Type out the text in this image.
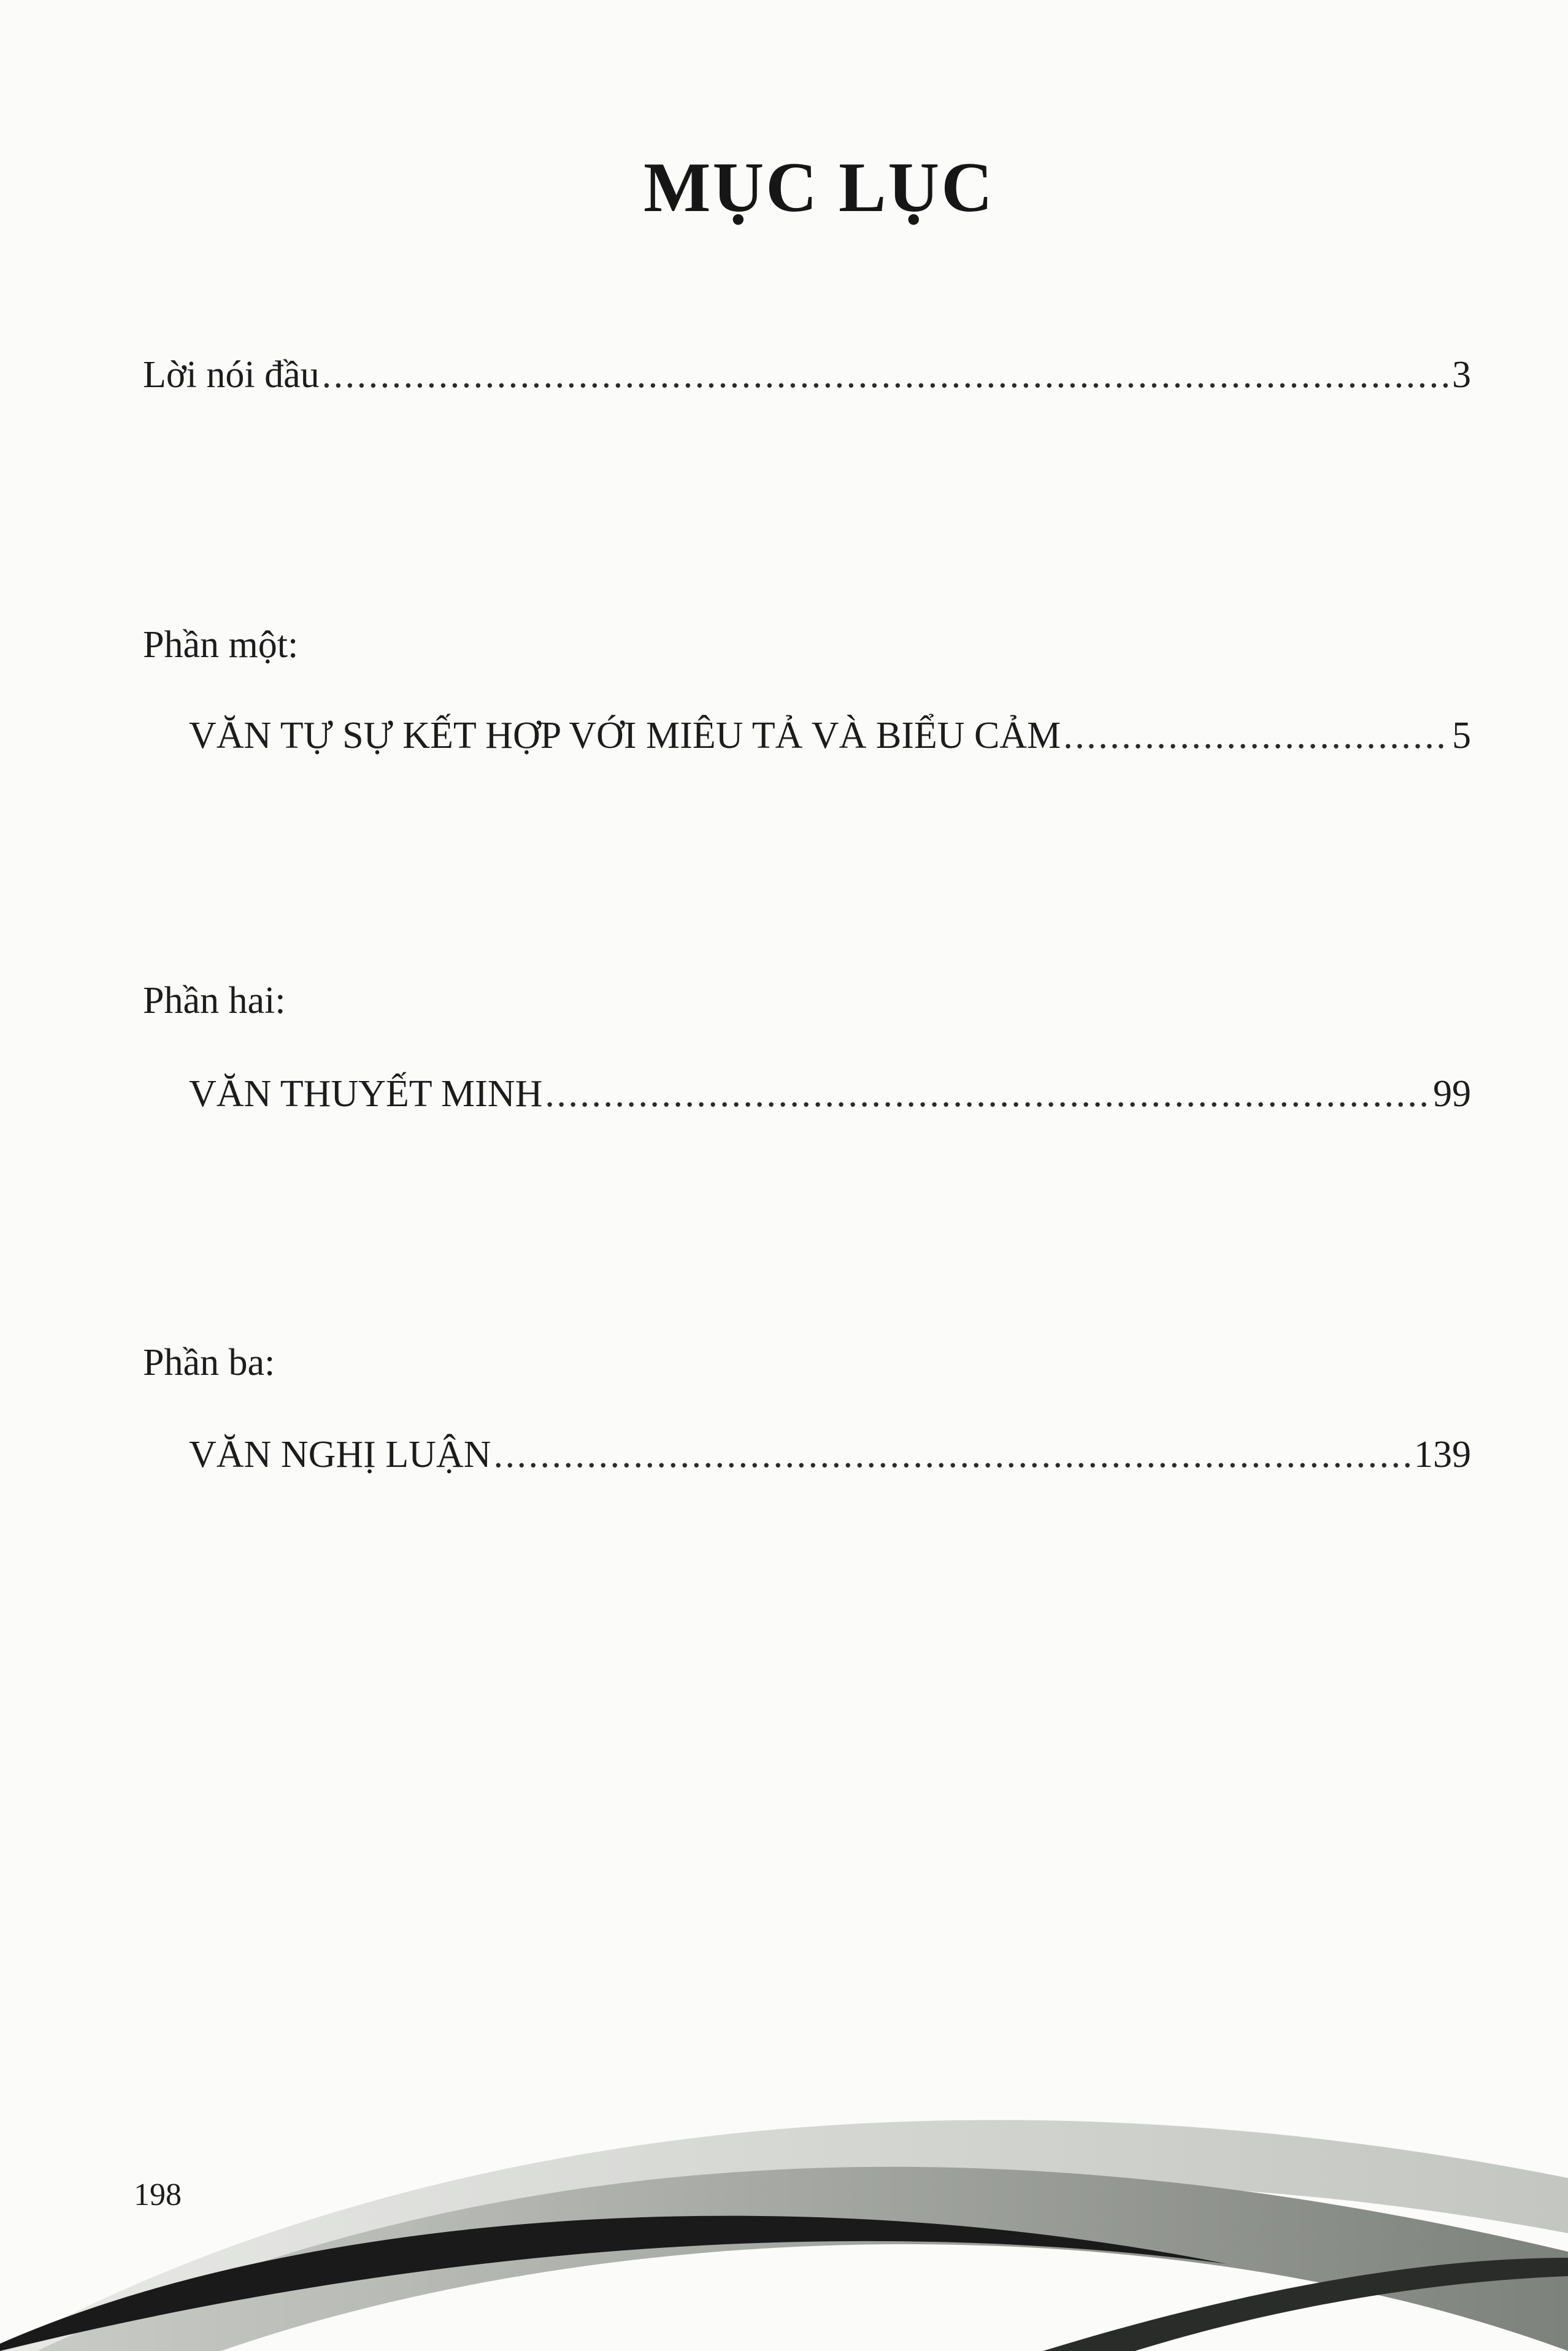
MỤC LỤC
Lời nói đầu . . .	3
Phần một:
VĂN TỰ SỰ KẾT HỢP VỚI MIÊU TẢ VÀ BIỂU CẢM . . .	5
Phần hai:
VĂN THUYẾT MINH . . .	99
Phần ba:
VĂN NGHỊ LUẬN . . .	139
198
